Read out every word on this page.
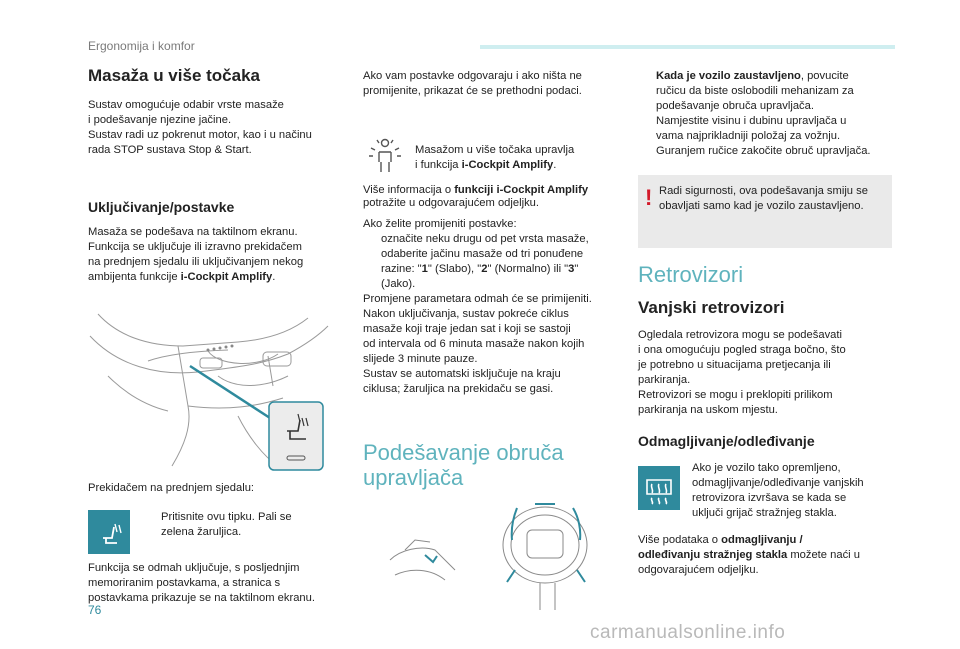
Ergonomija i komfor
Masaža u više točaka
Sustav omogućuje odabir vrste masaže
i podešavanje njezine jačine.
Sustav radi uz pokrenut motor, kao i u načinu
rada STOP sustava Stop & Start.
Uključivanje/postavke
Masaža se podešava na taktilnom ekranu.
Funkcija se uključuje ili izravno prekidačem
na prednjem sjedalu ili uključivanjem nekog
ambijenta funkcije i-Cockpit Amplify.
Prekidačem na prednjem sjedalu:
Pritisnite ovu tipku. Pali se
zelena žaruljica.
Funkcija se odmah uključuje, s posljednjim
memoriranim postavkama, a stranica s
postavkama prikazuje se na taktilnom ekranu.
Ako vam postavke odgovaraju i ako ništa ne
promijenite, prikazat će se prethodni podaci.
Masažom u više točaka upravlja
i funkcija i-Cockpit Amplify.
Više informacija o funkciji i-Cockpit Amplify
potražite u odgovarajućem odjeljku.
Ako želite promijeniti postavke:
označite neku drugu od pet vrsta masaže,
odaberite jačinu masaže od tri ponuđene
razine: "1" (Slabo), "2" (Normalno) ili "3"
(Jako).
Promjene parametara odmah će se primijeniti.
Nakon uključivanja, sustav pokreće ciklus
masaže koji traje jedan sat i koji se sastoji
od intervala od 6 minuta masaže nakon kojih
slijede 3 minute pauze.
Sustav se automatski isključuje na kraju
ciklusa; žaruljica na prekidaču se gasi.
Podešavanje obruča
upravljača
Kada je vozilo zaustavljeno, povucite
ručicu da biste oslobodili mehanizam za
podešavanje obruča upravljača.
Namjestite visinu i dubinu upravljača u
vama najprikladniji položaj za vožnju.
Guranjem ručice zakočite obruč upravljača.
! Radi sigurnosti, ova podešavanja smiju se
obavljati samo kad je vozilo zaustavljeno.
Retrovizori
Vanjski retrovizori
Ogledala retrovizora mogu se podešavati
i ona omogućuju pogled straga bočno, što
je potrebno u situacijama pretjecanja ili
parkiranja.
Retrovizori se mogu i preklopiti prilikom
parkiranja na uskom mjestu.
Odmagljivanje/odleđivanje
Ako je vozilo tako opremljeno,
odmagljivanje/odleđivanje vanjskih
retrovizora izvršava se kada se
uključi grijač stražnjeg stakla.
Više podataka o odmagljivanju /
odleđivanju stražnjeg stakla možete naći u
odgovarajućem odjeljku.
76
carmanualsonline.info
